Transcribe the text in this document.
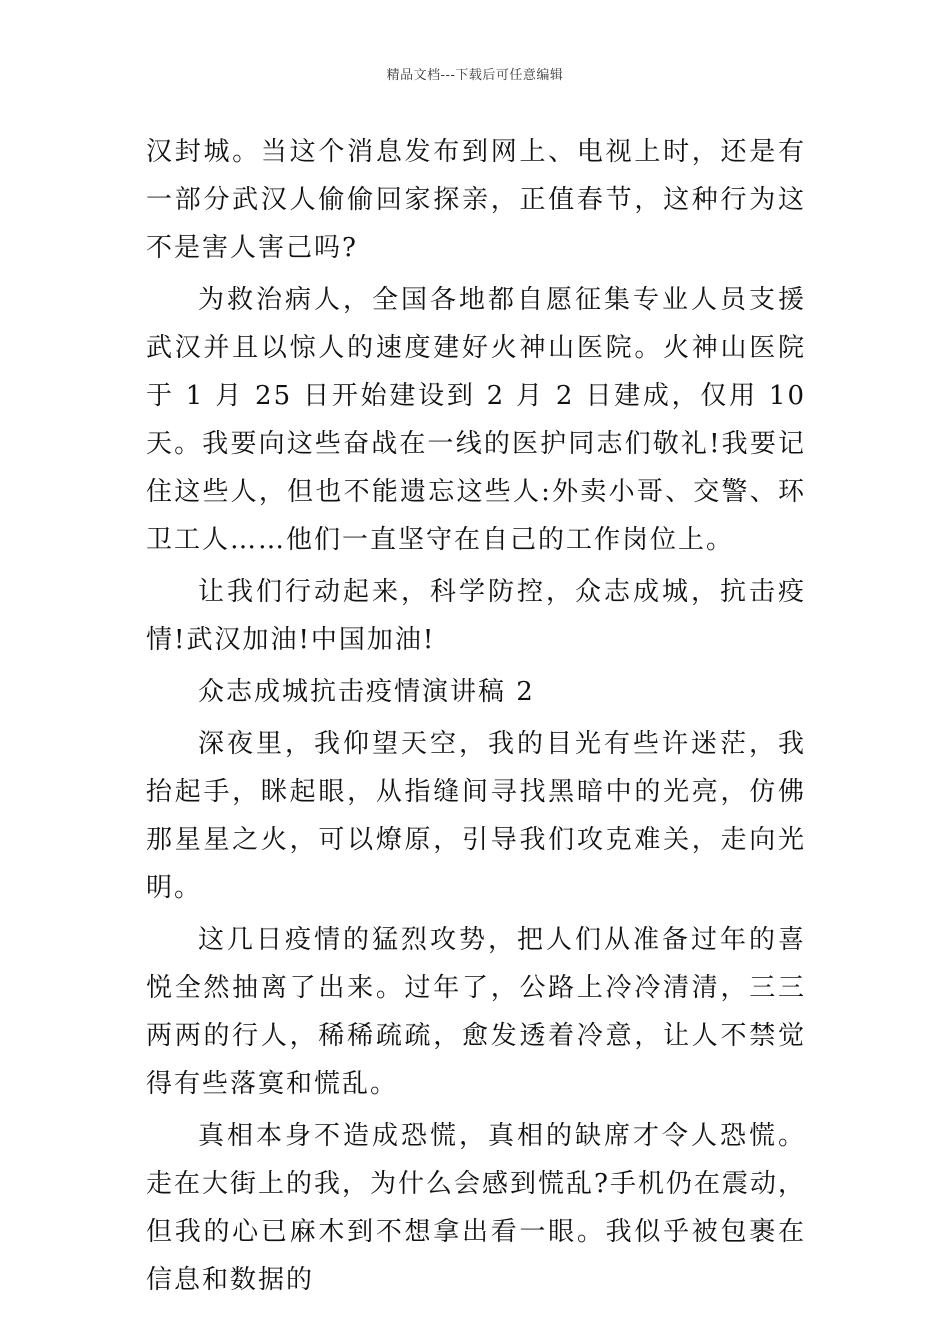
精品文档---下载后可任意编辑

汉封城。当这个消息发布到网上、电视上时，还是有一部分武汉人偷偷回家探亲，正值春节，这种行为这不是害人害己吗?

为救治病人，全国各地都自愿征集专业人员支援武汉并且以惊人的速度建好火神山医院。火神山医院于 1 月 25 日开始建设到 2 月 2 日建成，仅用 10 天。我要向这些奋战在一线的医护同志们敬礼!我要记住这些人，但也不能遗忘这些人:外卖小哥、交警、环卫工人……他们一直坚守在自己的工作岗位上。

让我们行动起来，科学防控，众志成城，抗击疫情!武汉加油!中国加油!

众志成城抗击疫情演讲稿 2

深夜里，我仰望天空，我的目光有些许迷茫，我抬起手，眯起眼，从指缝间寻找黑暗中的光亮，仿佛那星星之火，可以燎原，引导我们攻克难关，走向光明。

这几日疫情的猛烈攻势，把人们从准备过年的喜悦全然抽离了出来。过年了，公路上冷冷清清，三三两两的行人，稀稀疏疏，愈发透着冷意，让人不禁觉得有些落寞和慌乱。

真相本身不造成恐慌，真相的缺席才令人恐慌。走在大街上的我，为什么会感到慌乱?手机仍在震动，但我的心已麻木到不想拿出看一眼。我似乎被包裹在信息和数据的
